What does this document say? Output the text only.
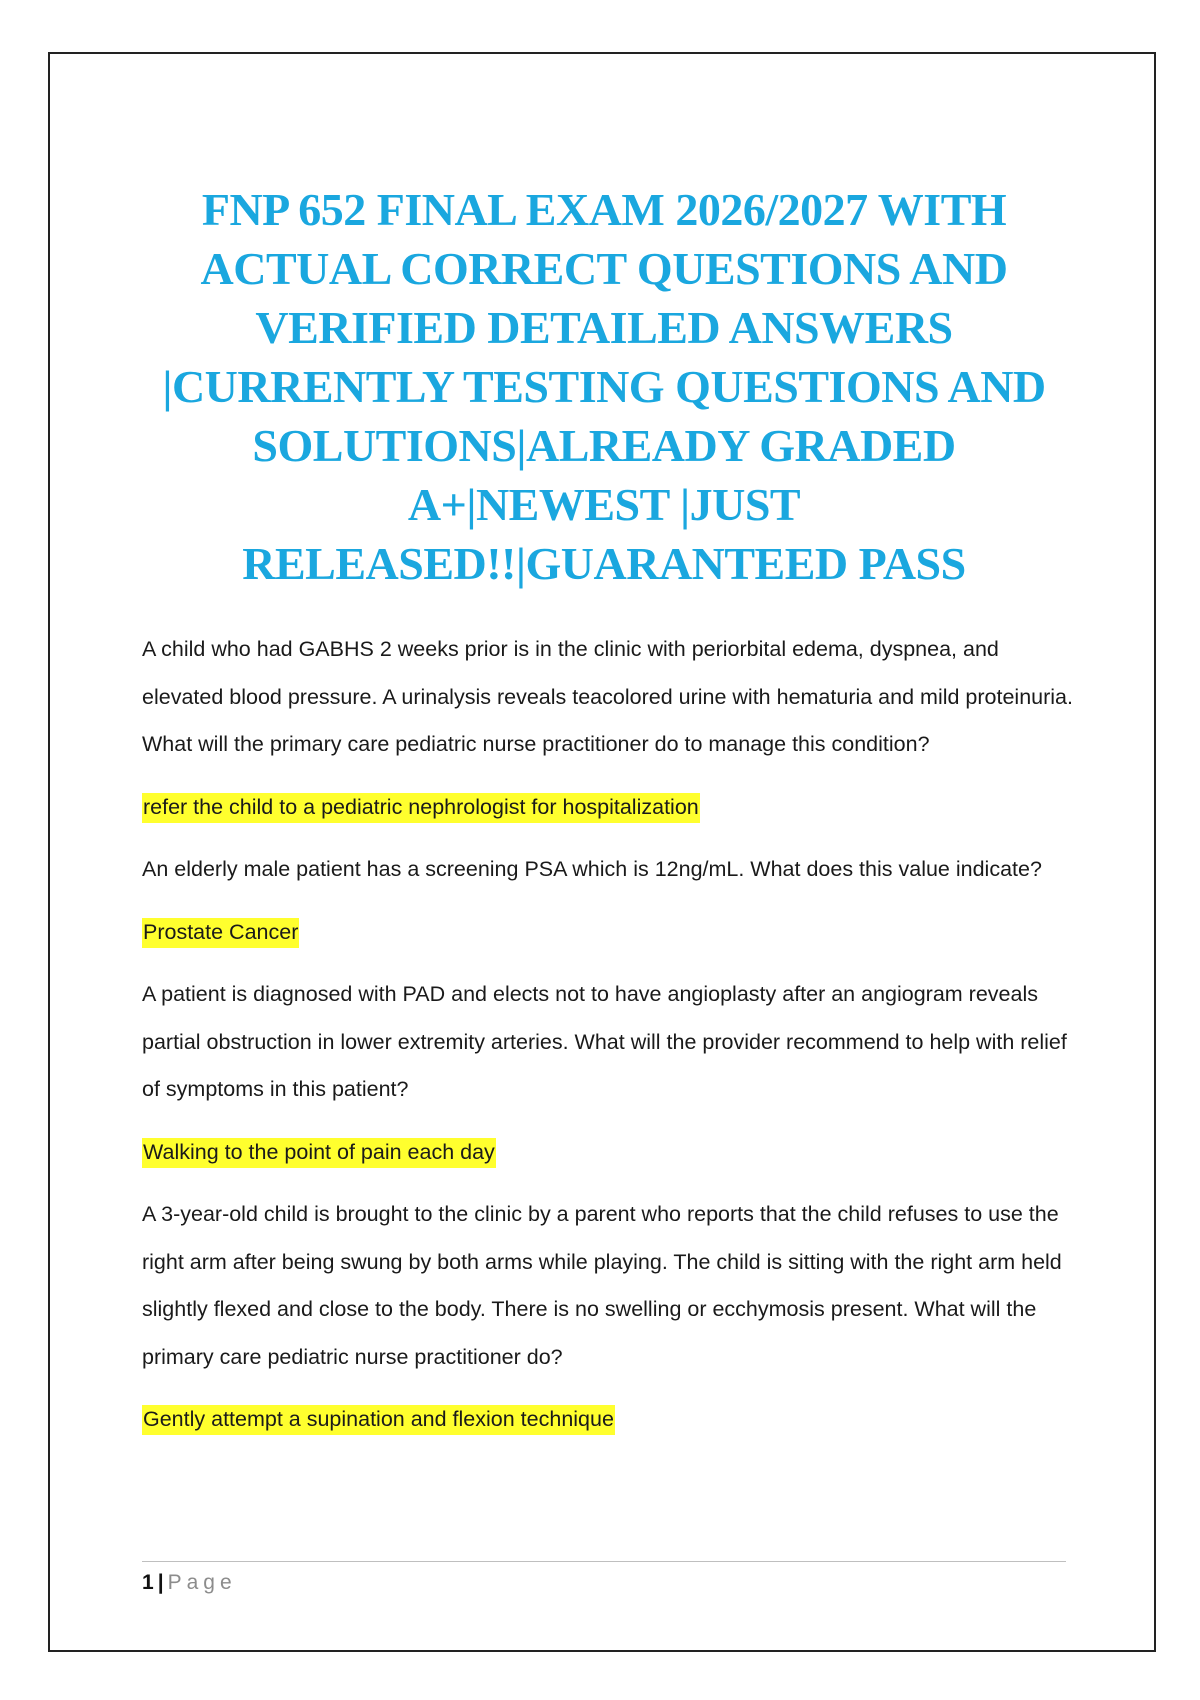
FNP 652 FINAL EXAM 2026/2027 WITH
ACTUAL CORRECT QUESTIONS AND
VERIFIED DETAILED ANSWERS
|CURRENTLY TESTING QUESTIONS AND
SOLUTIONS|ALREADY GRADED
A+|NEWEST |JUST
RELEASED!!|GUARANTEED PASS

A child who had GABHS 2 weeks prior is in the clinic with periorbital edema, dyspnea, and elevated blood pressure. A urinalysis reveals teacolored urine with hematuria and mild proteinuria. What will the primary care pediatric nurse practitioner do to manage this condition?

refer the child to a pediatric nephrologist for hospitalization

An elderly male patient has a screening PSA which is 12ng/mL. What does this value indicate?

Prostate Cancer

A patient is diagnosed with PAD and elects not to have angioplasty after an angiogram reveals partial obstruction in lower extremity arteries. What will the provider recommend to help with relief of symptoms in this patient?

Walking to the point of pain each day

A 3-year-old child is brought to the clinic by a parent who reports that the child refuses to use the right arm after being swung by both arms while playing. The child is sitting with the right arm held slightly flexed and close to the body. There is no swelling or ecchymosis present. What will the primary care pediatric nurse practitioner do?

Gently attempt a supination and flexion technique

1 | Page
